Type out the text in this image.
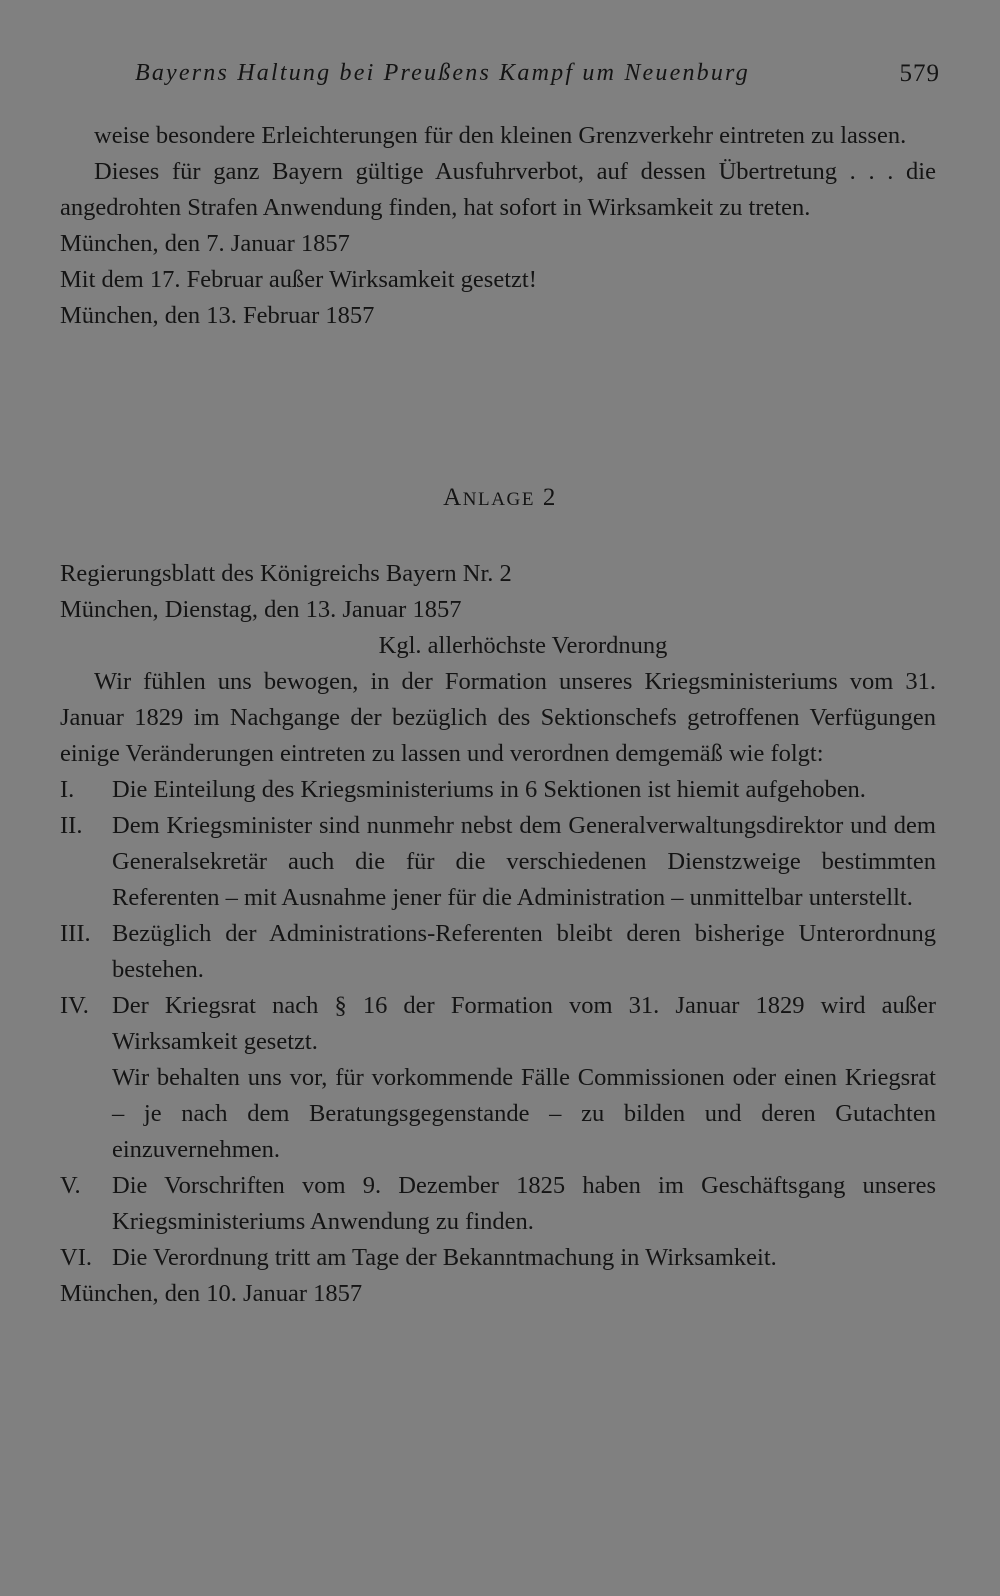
Bayerns Haltung bei Preußens Kampf um Neuenburg	579

weise besondere Erleichterungen für den kleinen Grenzverkehr eintreten zu lassen.

Dieses für ganz Bayern gültige Ausfuhrverbot, auf dessen Übertretung . . . die angedrohten Strafen Anwendung finden, hat sofort in Wirksamkeit zu treten.

München, den 7. Januar 1857

Mit dem 17. Februar außer Wirksamkeit gesetzt!

München, den 13. Februar 1857

ANLAGE 2

Regierungsblatt des Königreichs Bayern Nr. 2

München, Dienstag, den 13. Januar 1857

Kgl. allerhöchste Verordnung

Wir fühlen uns bewogen, in der Formation unseres Kriegsministeriums vom 31. Januar 1829 im Nachgange der bezüglich des Sektionschefs getroffenen Verfügungen einige Veränderungen eintreten zu lassen und verordnen demgemäß wie folgt:

I.	Die Einteilung des Kriegsministeriums in 6 Sektionen ist hiemit aufgehoben.
II.	Dem Kriegsminister sind nunmehr nebst dem Generalverwaltungsdirektor und dem Generalsekretär auch die für die verschiedenen Dienstzweige bestimmten Referenten – mit Ausnahme jener für die Administration – unmittelbar unterstellt.
III. Bezüglich der Administrations-Referenten bleibt deren bisherige Unterordnung bestehen.
IV. Der Kriegsrat nach § 16 der Formation vom 31. Januar 1829 wird außer Wirksamkeit gesetzt.

Wir behalten uns vor, für vorkommende Fälle Commissionen oder einen Kriegsrat – je nach dem Beratungsgegenstande – zu bilden und deren Gutachten einzuvernehmen.

V.	Die Vorschriften vom 9. Dezember 1825 haben im Geschäftsgang unseres Kriegsministeriums Anwendung zu finden.
VI. Die Verordnung tritt am Tage der Bekanntmachung in Wirksamkeit.

München, den 10. Januar 1857
